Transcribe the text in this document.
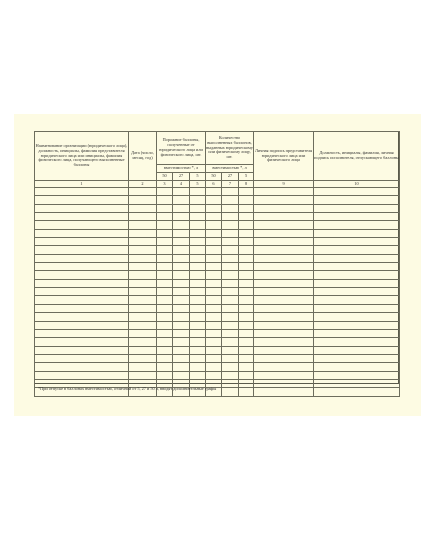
Наименование организации (юридического лица), должность, инициалы, фамилия представителя юридического лица или инициалы, фамилия физического лица, получающего выполненные баллоны	Дата (число, месяц, год)	Порожние баллоны, полученные от юридического лица или физического лица, шт.			Количество выполненных баллонов, выданных юридическому или физическому лицу, шт.			Личная подпись представителя юридического лица или физического лица	Должность, инициалы, фамилия, личная подпись исполнителя, отпускающего баллоны
		вместимостью *, л			вместимостью *, л				
		50	27	5	50	27	5		
1	2	3	4	5	6	7	8	9	10

*При отпуске в баллонах вместимостью, отличной от 5, 27 и 50 л, вводят дополнительные графы
